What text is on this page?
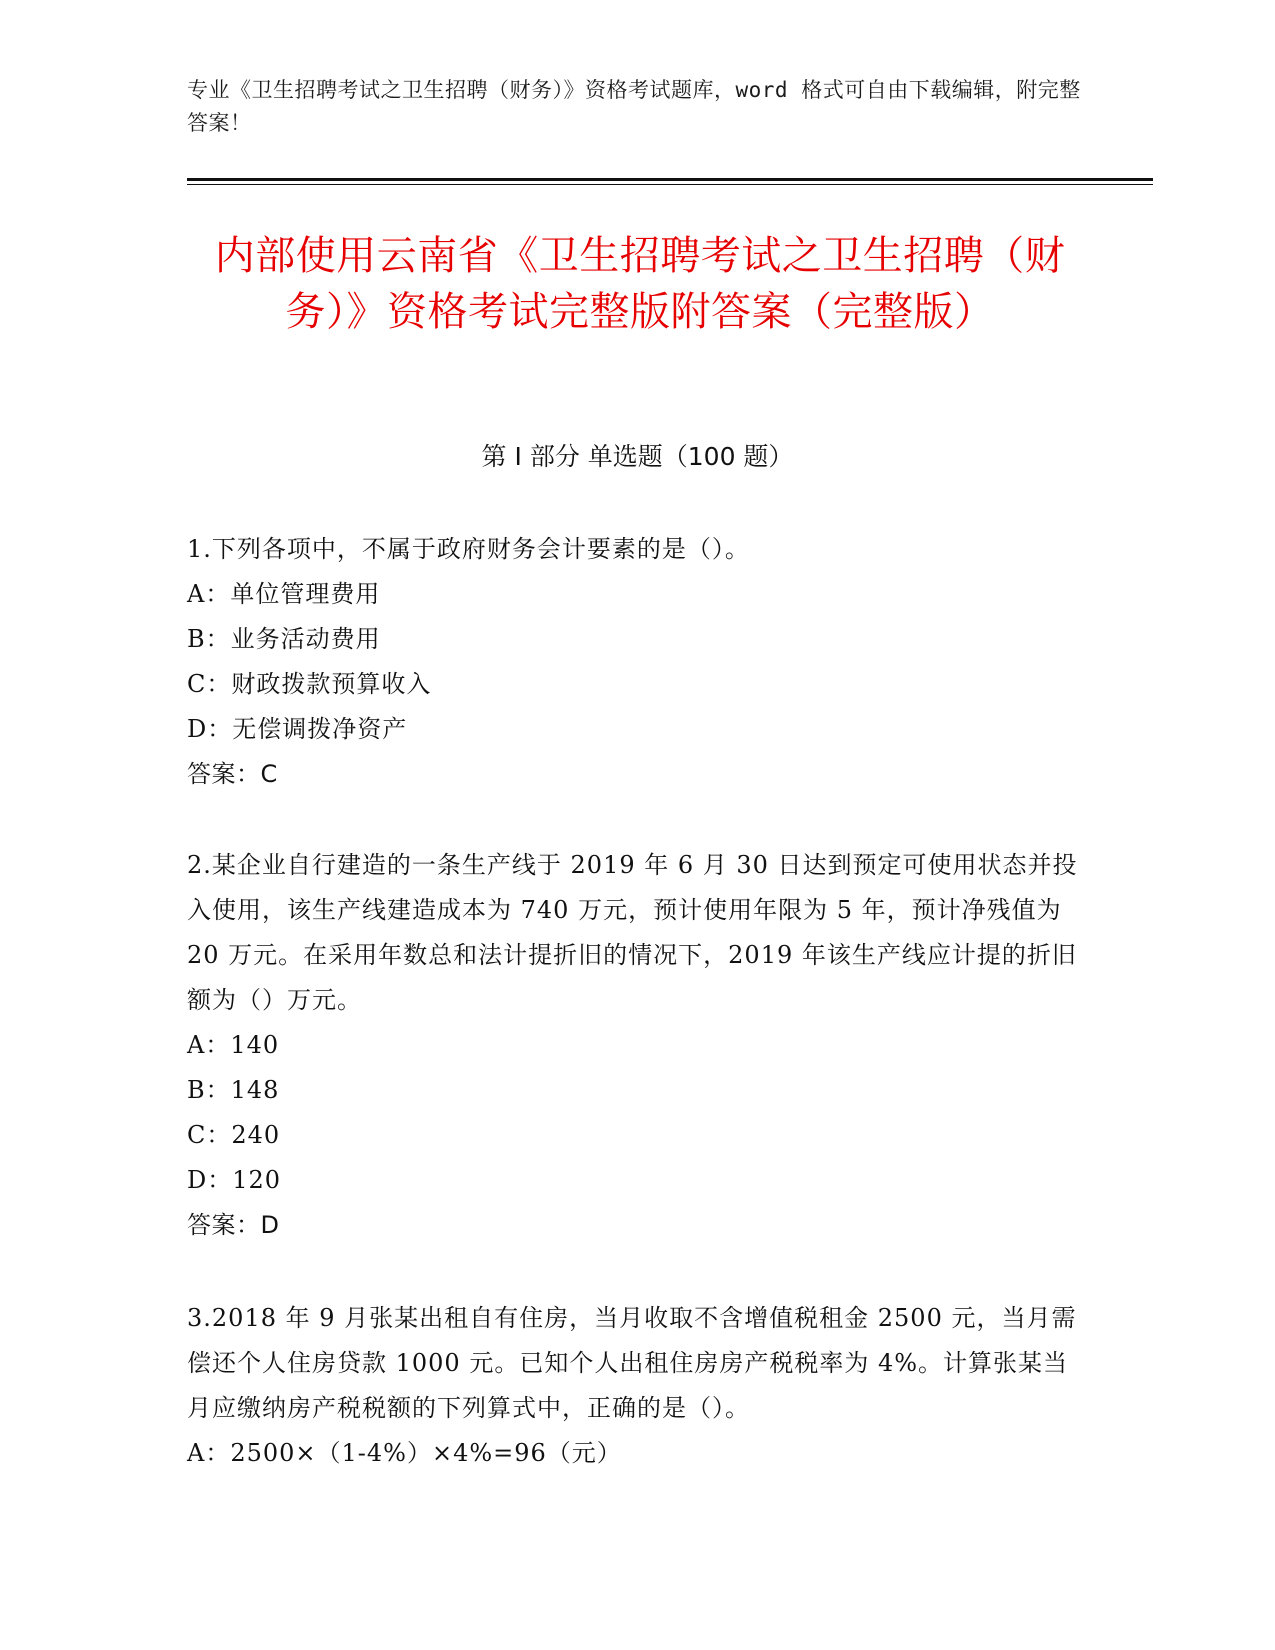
专业《卫生招聘考试之卫生招聘（财务）》资格考试题库，word 格式可自由下载编辑，附完整答案！
内部使用云南省《卫生招聘考试之卫生招聘（财务）》资格考试完整版附答案（完整版）
第 I 部分 单选题（100 题）

1.下列各项中，不属于政府财务会计要素的是（）。

A：单位管理费用

B：业务活动费用

C：财政拨款预算收入

D：无偿调拨净资产

答案：C

2.某企业自行建造的一条生产线于 2019 年 6 月 30 日达到预定可使用状态并投入使用，该生产线建造成本为 740 万元，预计使用年限为 5 年，预计净残值为 20 万元。在采用年数总和法计提折旧的情况下，2019 年该生产线应计提的折旧额为（）万元。

A：140

B：148

C：240

D：120

答案：D

3.2018 年 9 月张某出租自有住房，当月收取不含增值税租金 2500 元，当月需偿还个人住房贷款 1000 元。已知个人出租住房房产税税率为 4%。计算张某当月应缴纳房产税税额的下列算式中，正确的是（）。

A：2500×（1-4%）×4%=96（元）
